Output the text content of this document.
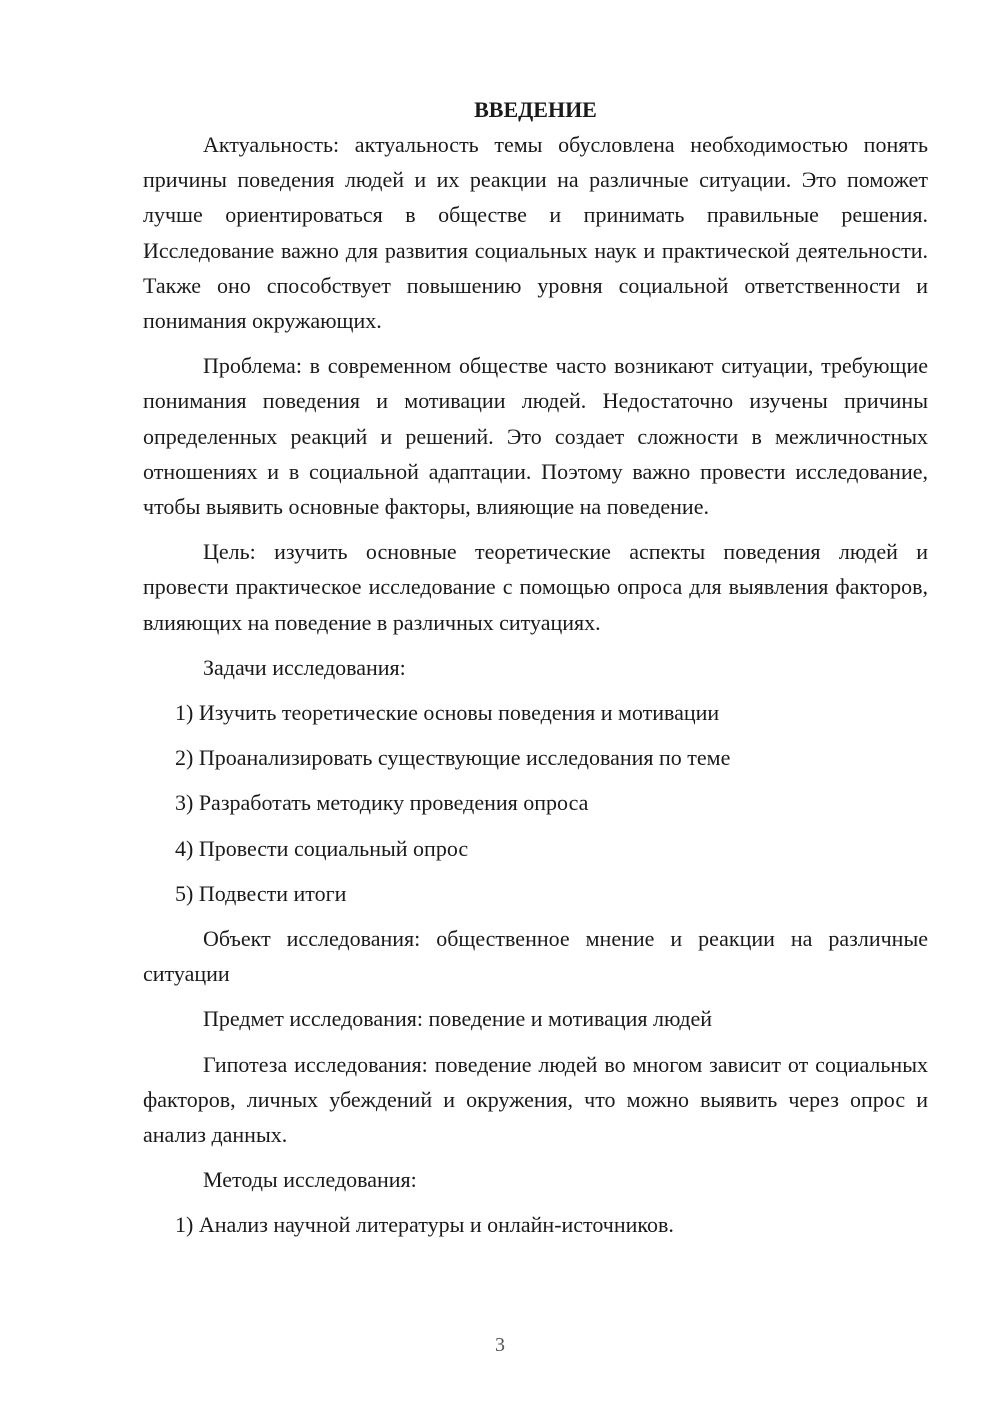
ВВЕДЕНИЕ

Актуальность: актуальность темы обусловлена необходимостью понять причины поведения людей и их реакции на различные ситуации. Это поможет лучше ориентироваться в обществе и принимать правильные решения. Исследование важно для развития социальных наук и практической деятельности. Также оно способствует повышению уровня социальной ответственности и понимания окружающих.

Проблема: в современном обществе часто возникают ситуации, требующие понимания поведения и мотивации людей. Недостаточно изучены причины определенных реакций и решений. Это создает сложности в межличностных отношениях и в социальной адаптации. Поэтому важно провести исследование, чтобы выявить основные факторы, влияющие на поведение.

Цель: изучить основные теоретические аспекты поведения людей и провести практическое исследование с помощью опроса для выявления факторов, влияющих на поведение в различных ситуациях.

Задачи исследования:

1) Изучить теоретические основы поведения и мотивации

2) Проанализировать существующие исследования по теме

3) Разработать методику проведения опроса

4) Провести социальный опрос

5) Подвести итоги

Объект исследования: общественное мнение и реакции на различные ситуации

Предмет исследования: поведение и мотивация людей

Гипотеза исследования: поведение людей во многом зависит от социальных факторов, личных убеждений и окружения, что можно выявить через опрос и анализ данных.

Методы исследования:

1) Анализ научной литературы и онлайн-источников.

3
